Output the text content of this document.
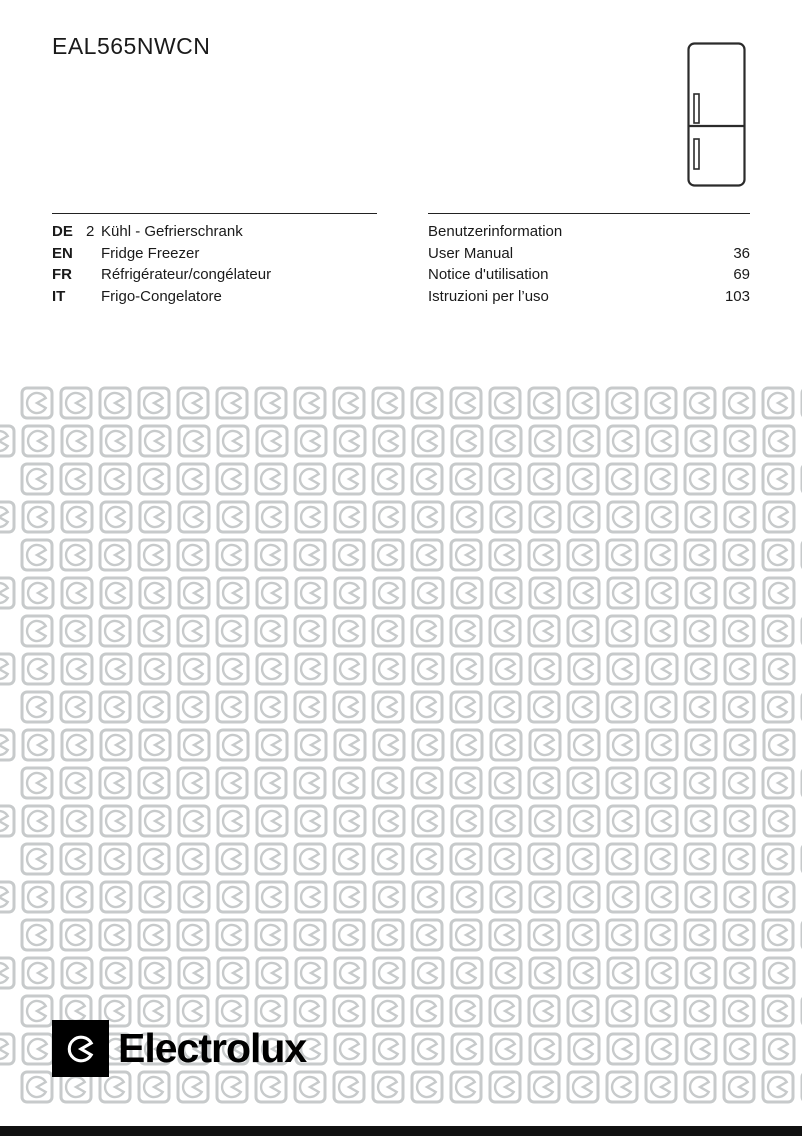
EAL565NWCN
DE 2 Kühl - Gefrierschrank
EN	Fridge Freezer
FR	Réfrigérateur/congélateur
IT	Frigo-Congelatore
Benutzerinformation
User Manual	36
Notice d'utilisation	69
Istruzioni per l’uso	103
Electrolux
